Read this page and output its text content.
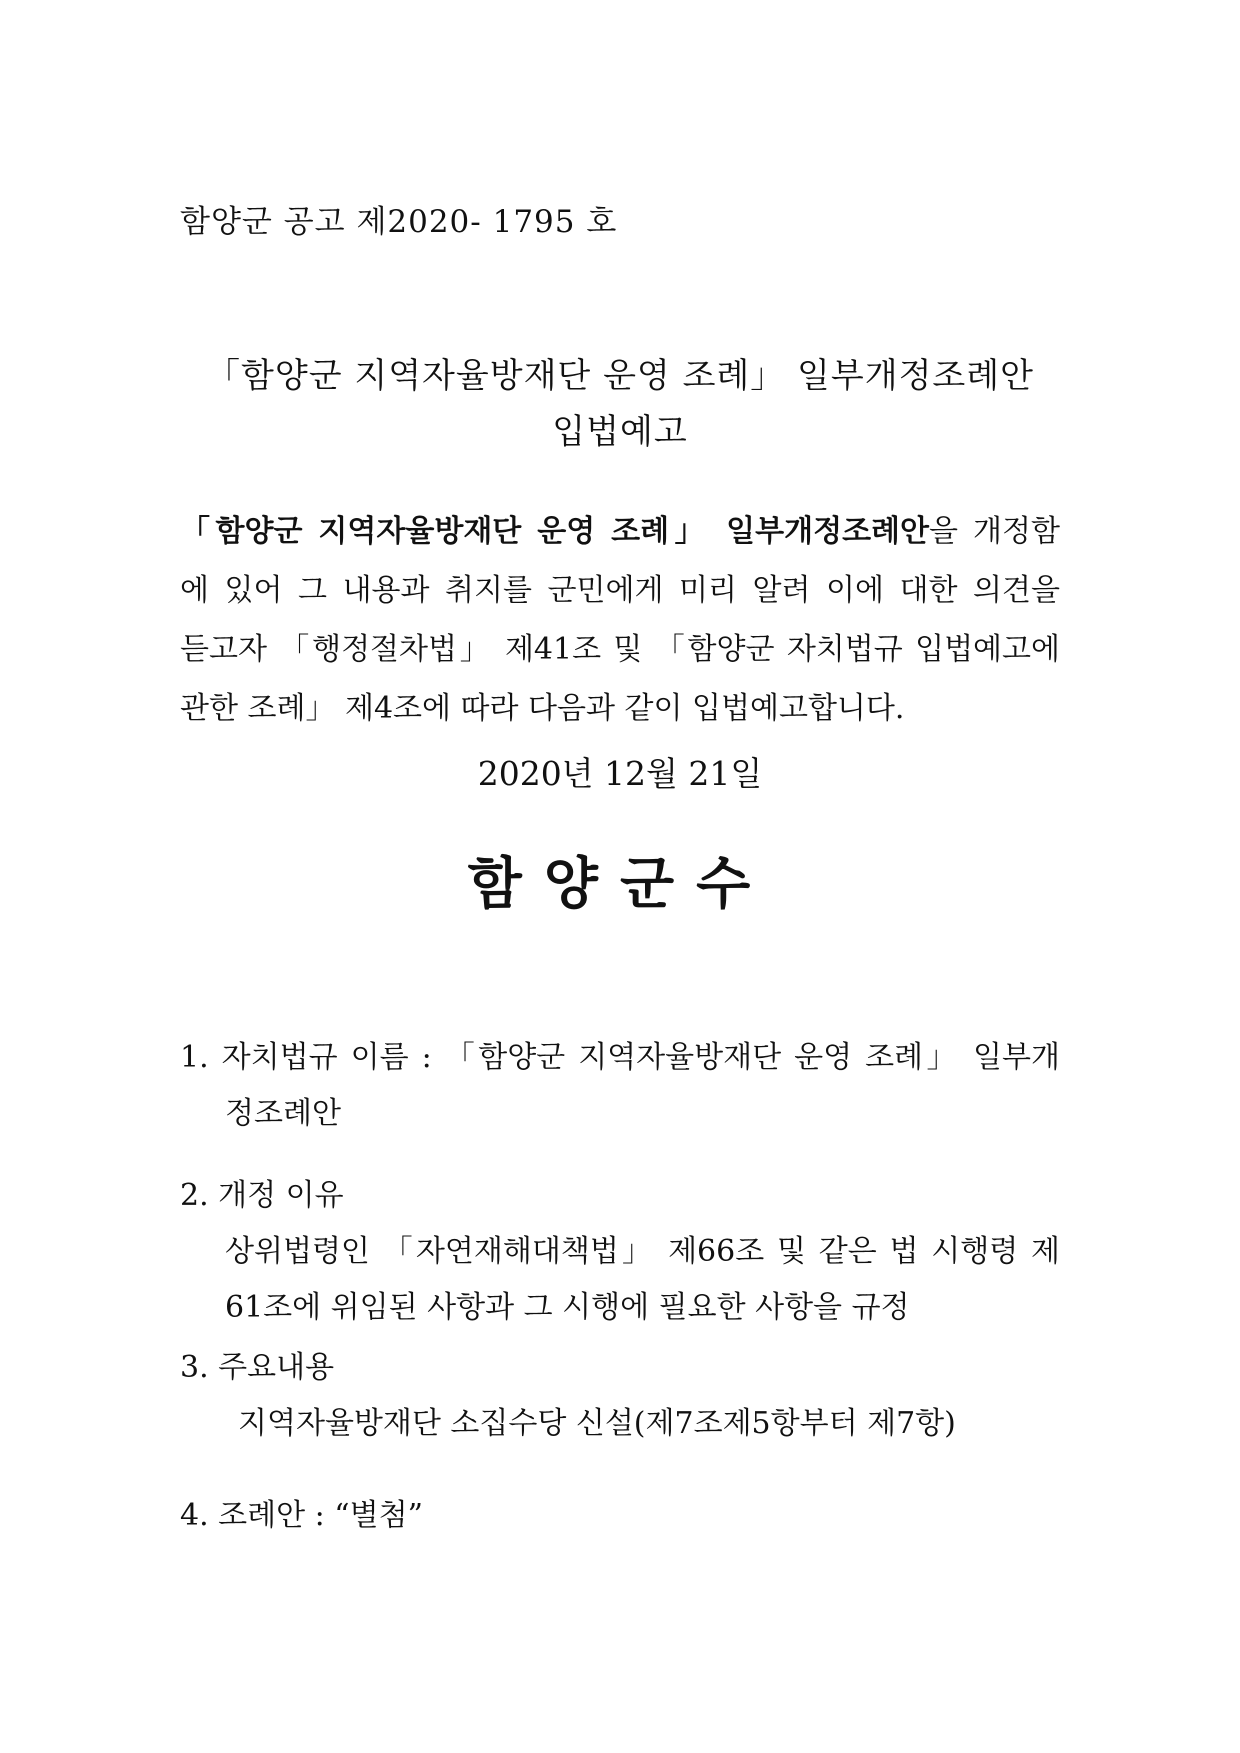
함양군 공고 제2020- 1795 호
「함양군 지역자율방재단 운영 조례」 일부개정조례안
입법예고
「함양군 지역자율방재단 운영 조례」 일부개정조례안을 개정함
에 있어 그 내용과 취지를 군민에게 미리 알려 이에 대한 의견을
듣고자 「행정절차법」 제41조 및 「함양군 자치법규 입법예고에
관한 조례」 제4조에 따라 다음과 같이 입법예고합니다.
2020년 12월 21일
함양군수
1. 자치법규 이름 : 「함양군 지역자율방재단 운영 조례」 일부개
정조례안
2. 개정 이유
상위법령인 「자연재해대책법」 제66조 및 같은 법 시행령 제
61조에 위임된 사항과 그 시행에 필요한 사항을 규정
3. 주요내용
지역자율방재단 소집수당 신설(제7조제5항부터 제7항)
4. 조례안 : “별첨”
